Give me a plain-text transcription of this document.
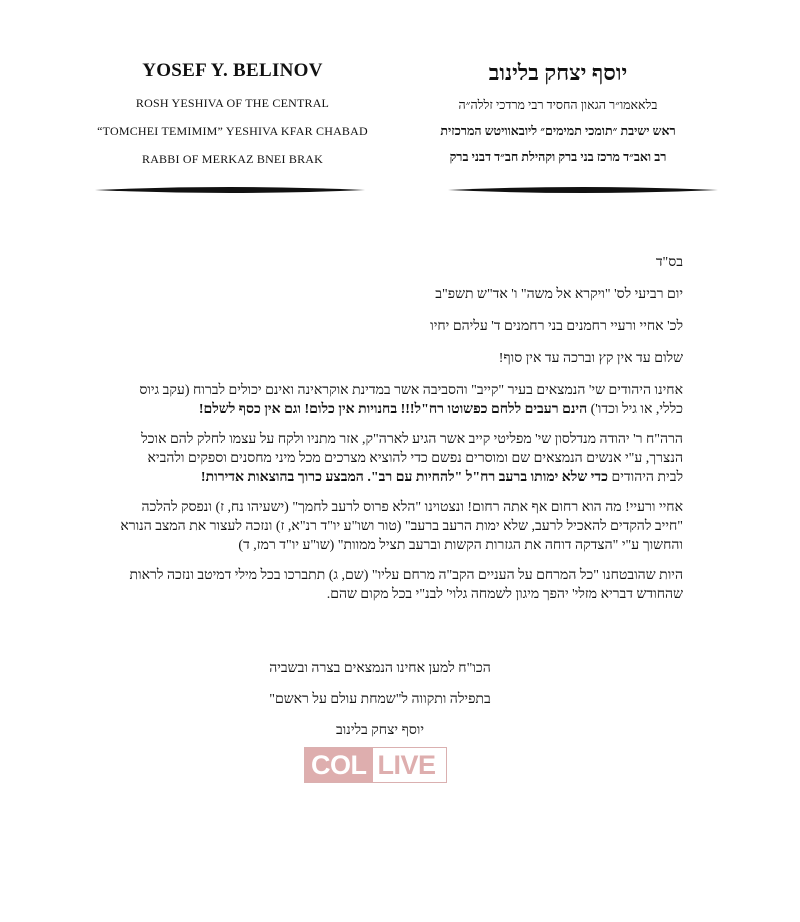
YOSEF Y. BELINOV

ROSH YESHIVA OF THE CENTRAL
“TOMCHEI TEMIMIM” YESHIVA KFAR CHABAD
RABBI OF MERKAZ BNEI BRAK

יוסף יצחק בלינוב

בלאאמו״ר הגאון החסיד רבי מרדכי זללה״ה
ראש ישיבת ״תומכי תמימים״ ליובאוויטש המרכזית
רב ואב״ד מרכז בני ברק וקהילת חב״ד דבני ברק

בס"ד

יום רביעי לס' "ויקרא אל משה" ו' אד"ש תשפ"ב

לכ' אחיי ורעיי רחמנים בני רחמנים ד' עליהם יחיו

שלום עד אין קץ וברכה עד אין סוף!

אחינו היהודים שי' הנמצאים בעיר "קייב" והסביבה אשר במדינת אוקראינה ואינם יכולים לברוח (עקב גיוס כללי, או גיל וכדו') הינם רעבים ללחם כפשוטו רח"ל!!! בחנויות אין כלום! וגם אין כסף לשלם!

הרה"ח ר' יהודה מנדלסון שי' מפליטי קייב אשר הגיע לארה"ק, אזר מתניו ולקח על עצמו לחלק להם אוכל הנצרך, ע"י אנשים הנמצאים שם ומוסרים נפשם כדי להוציא מצרכים מכל מיני מחסנים וספקים ולהביא לבית היהודים כדי שלא ימותו ברעב רח"ל "להחיות עם רב". המבצע כרוך בהוצאות אדירות!

אחיי ורעיי! מה הוא רחום אף אתה רחום! ונצטוינו "הלא פרוס לרעב לחמך" (ישעיהו נח, ז) ונפסק להלכה "חייב להקדים להאכיל לרעב, שלא ימות הרעב ברעב" (טור ושו"ע יו"ד רנ"א, ז) ונזכה לעצור את המצב הנורא והחשוך ע"י "הצדקה דוחה את הגזרות הקשות וברעב תציל ממוות" (שו"ע יו"ד רמז, ד)

היות שהובטחנו "כל המרחם על העניים הקב"ה מרחם עליו" (שם, ג) תתברכו בכל מילי דמיטב ונזכה לראות שהחודש דבריא מזלי' יהפך מיגון לשמחה גלוי' לבנ"י בכל מקום שהם.

הכו"ח למען אחינו הנמצאים בצרה ובשביה

בתפילה ותקווה ל"שמחת עולם על ראשם"

יוסף יצחק בלינוב

COL LIVE
